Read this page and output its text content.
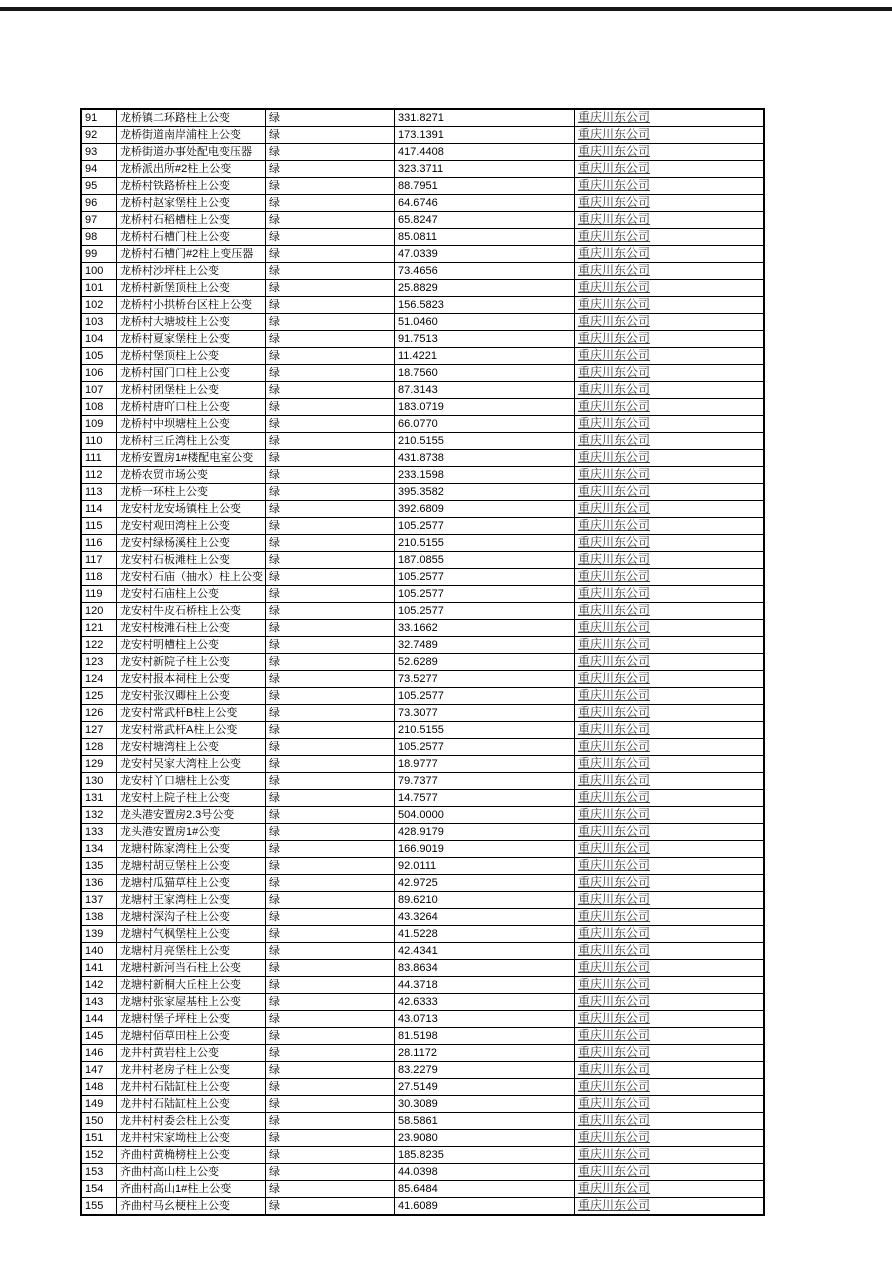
91	龙桥镇二环路柱上公变	绿	331.8271	重庆川东公司
92	龙桥街道南岸浦柱上公变	绿	173.1391	重庆川东公司
93	龙桥街道办事处配电变压器	绿	417.4408	重庆川东公司
94	龙桥派出所#2柱上公变	绿	323.3711	重庆川东公司
95	龙桥村铁路桥柱上公变	绿	88.7951	重庆川东公司
96	龙桥村赵家堡柱上公变	绿	64.6746	重庆川东公司
97	龙桥村石稻槽柱上公变	绿	65.8247	重庆川东公司
98	龙桥村石槽门柱上公变	绿	85.0811	重庆川东公司
99	龙桥村石槽门#2柱上变压器	绿	47.0339	重庆川东公司
100	龙桥村沙坪柱上公变	绿	73.4656	重庆川东公司
101	龙桥村新堡顶柱上公变	绿	25.8829	重庆川东公司
102	龙桥村小拱桥台区柱上公变	绿	156.5823	重庆川东公司
103	龙桥村大塘坡柱上公变	绿	51.0460	重庆川东公司
104	龙桥村夏家堡柱上公变	绿	91.7513	重庆川东公司
105	龙桥村堡顶柱上公变	绿	11.4221	重庆川东公司
106	龙桥村国门口柱上公变	绿	18.7560	重庆川东公司
107	龙桥村团堡柱上公变	绿	87.3143	重庆川东公司
108	龙桥村唐吖口柱上公变	绿	183.0719	重庆川东公司
109	龙桥村中坝塘柱上公变	绿	66.0770	重庆川东公司
110	龙桥村三丘湾柱上公变	绿	210.5155	重庆川东公司
111	龙桥安置房1#楼配电室公变	绿	431.8738	重庆川东公司
112	龙桥农贸市场公变	绿	233.1598	重庆川东公司
113	龙桥一环柱上公变	绿	395.3582	重庆川东公司
114	龙安村龙安场镇柱上公变	绿	392.6809	重庆川东公司
115	龙安村观田湾柱上公变	绿	105.2577	重庆川东公司
116	龙安村绿杨溪柱上公变	绿	210.5155	重庆川东公司
117	龙安村石板滩柱上公变	绿	187.0855	重庆川东公司
118	龙安村石庙（抽水）柱上公变	绿	105.2577	重庆川东公司
119	龙安村石庙柱上公变	绿	105.2577	重庆川东公司
120	龙安村牛皮石桥柱上公变	绿	105.2577	重庆川东公司
121	龙安村梭滩石柱上公变	绿	33.1662	重庆川东公司
122	龙安村明槽柱上公变	绿	32.7489	重庆川东公司
123	龙安村新院子柱上公变	绿	52.6289	重庆川东公司
124	龙安村报本祠柱上公变	绿	73.5277	重庆川东公司
125	龙安村张汉卿柱上公变	绿	105.2577	重庆川东公司
126	龙安村常武杆B柱上公变	绿	73.3077	重庆川东公司
127	龙安村常武杆A柱上公变	绿	210.5155	重庆川东公司
128	龙安村塘湾柱上公变	绿	105.2577	重庆川东公司
129	龙安村吴家大湾柱上公变	绿	18.9777	重庆川东公司
130	龙安村丫口塘柱上公变	绿	79.7377	重庆川东公司
131	龙安村上院子柱上公变	绿	14.7577	重庆川东公司
132	龙头港安置房2.3号公变	绿	504.0000	重庆川东公司
133	龙头港安置房1#公变	绿	428.9179	重庆川东公司
134	龙塘村陈家湾柱上公变	绿	166.9019	重庆川东公司
135	龙塘村胡豆堡柱上公变	绿	92.0111	重庆川东公司
136	龙塘村瓜猫草柱上公变	绿	42.9725	重庆川东公司
137	龙塘村王家湾柱上公变	绿	89.6210	重庆川东公司
138	龙塘村深沟子柱上公变	绿	43.3264	重庆川东公司
139	龙塘村气枫堡柱上公变	绿	41.5228	重庆川东公司
140	龙塘村月亮堡柱上公变	绿	42.4341	重庆川东公司
141	龙塘村新河当石柱上公变	绿	83.8634	重庆川东公司
142	龙塘村新桐大丘柱上公变	绿	44.3718	重庆川东公司
143	龙塘村张家屋基柱上公变	绿	42.6333	重庆川东公司
144	龙塘村堡子坪柱上公变	绿	43.0713	重庆川东公司
145	龙塘村佰草田柱上公变	绿	81.5198	重庆川东公司
146	龙井村黄岩柱上公变	绿	28.1172	重庆川东公司
147	龙井村老房子柱上公变	绿	83.2279	重庆川东公司
148	龙井村石陆缸柱上公变	绿	27.5149	重庆川东公司
149	龙井村石陆缸柱上公变	绿	30.3089	重庆川东公司
150	龙井村村委会柱上公变	绿	58.5861	重庆川东公司
151	龙井村宋家坳柱上公变	绿	23.9080	重庆川东公司
152	齐曲村黄桷榜柱上公变	绿	185.8235	重庆川东公司
153	齐曲村高山柱上公变	绿	44.0398	重庆川东公司
154	齐曲村高山1#柱上公变	绿	85.6484	重庆川东公司
155	齐曲村马幺梗柱上公变	绿	41.6089	重庆川东公司
